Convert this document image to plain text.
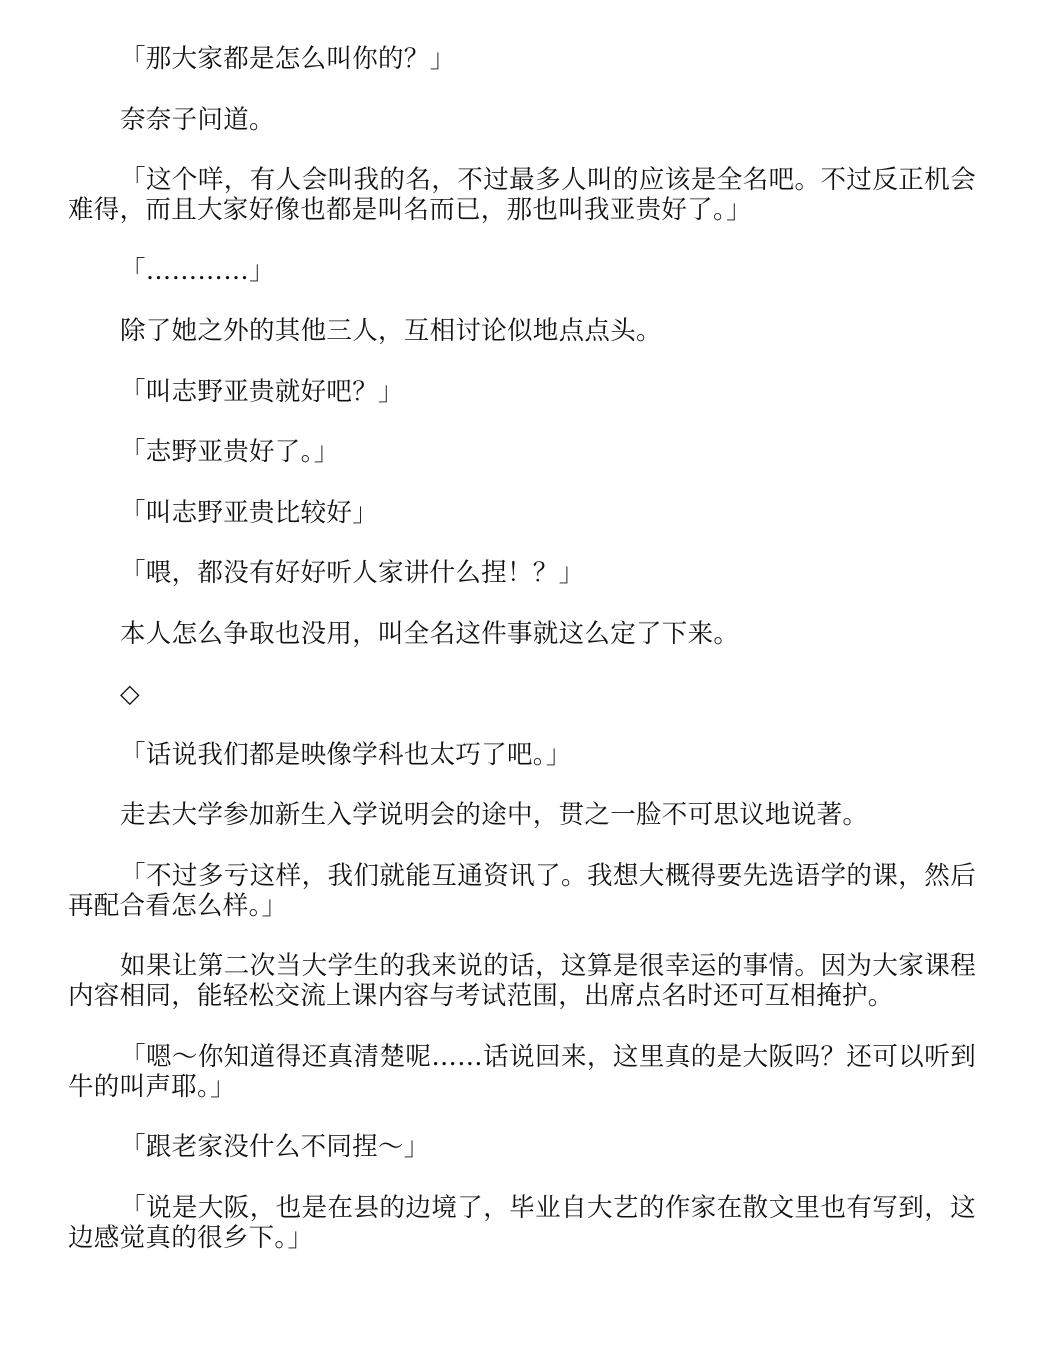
「那大家都是怎么叫你的？」

奈奈子问道。

「这个咩，有人会叫我的名，不过最多人叫的应该是全名吧。不过反正机会难得，而且大家好像也都是叫名而已，那也叫我亚贵好了。」

「…………」

除了她之外的其他三人，互相讨论似地点点头。

「叫志野亚贵就好吧？」

「志野亚贵好了。」

「叫志野亚贵比较好」

「喂，都没有好好听人家讲什么捏！？」

本人怎么争取也没用，叫全名这件事就这么定了下来。

◇

「话说我们都是映像学科也太巧了吧。」

走去大学参加新生入学说明会的途中，贯之一脸不可思议地说著。

「不过多亏这样，我们就能互通资讯了。我想大概得要先选语学的课，然后再配合看怎么样。」

如果让第二次当大学生的我来说的话，这算是很幸运的事情。因为大家课程内容相同，能轻松交流上课内容与考试范围，出席点名时还可互相掩护。

「嗯～你知道得还真清楚呢……话说回来，这里真的是大阪吗？还可以听到牛的叫声耶。」

「跟老家没什么不同捏～」

「说是大阪，也是在县的边境了，毕业自大艺的作家在散文里也有写到，这边感觉真的很乡下。」
